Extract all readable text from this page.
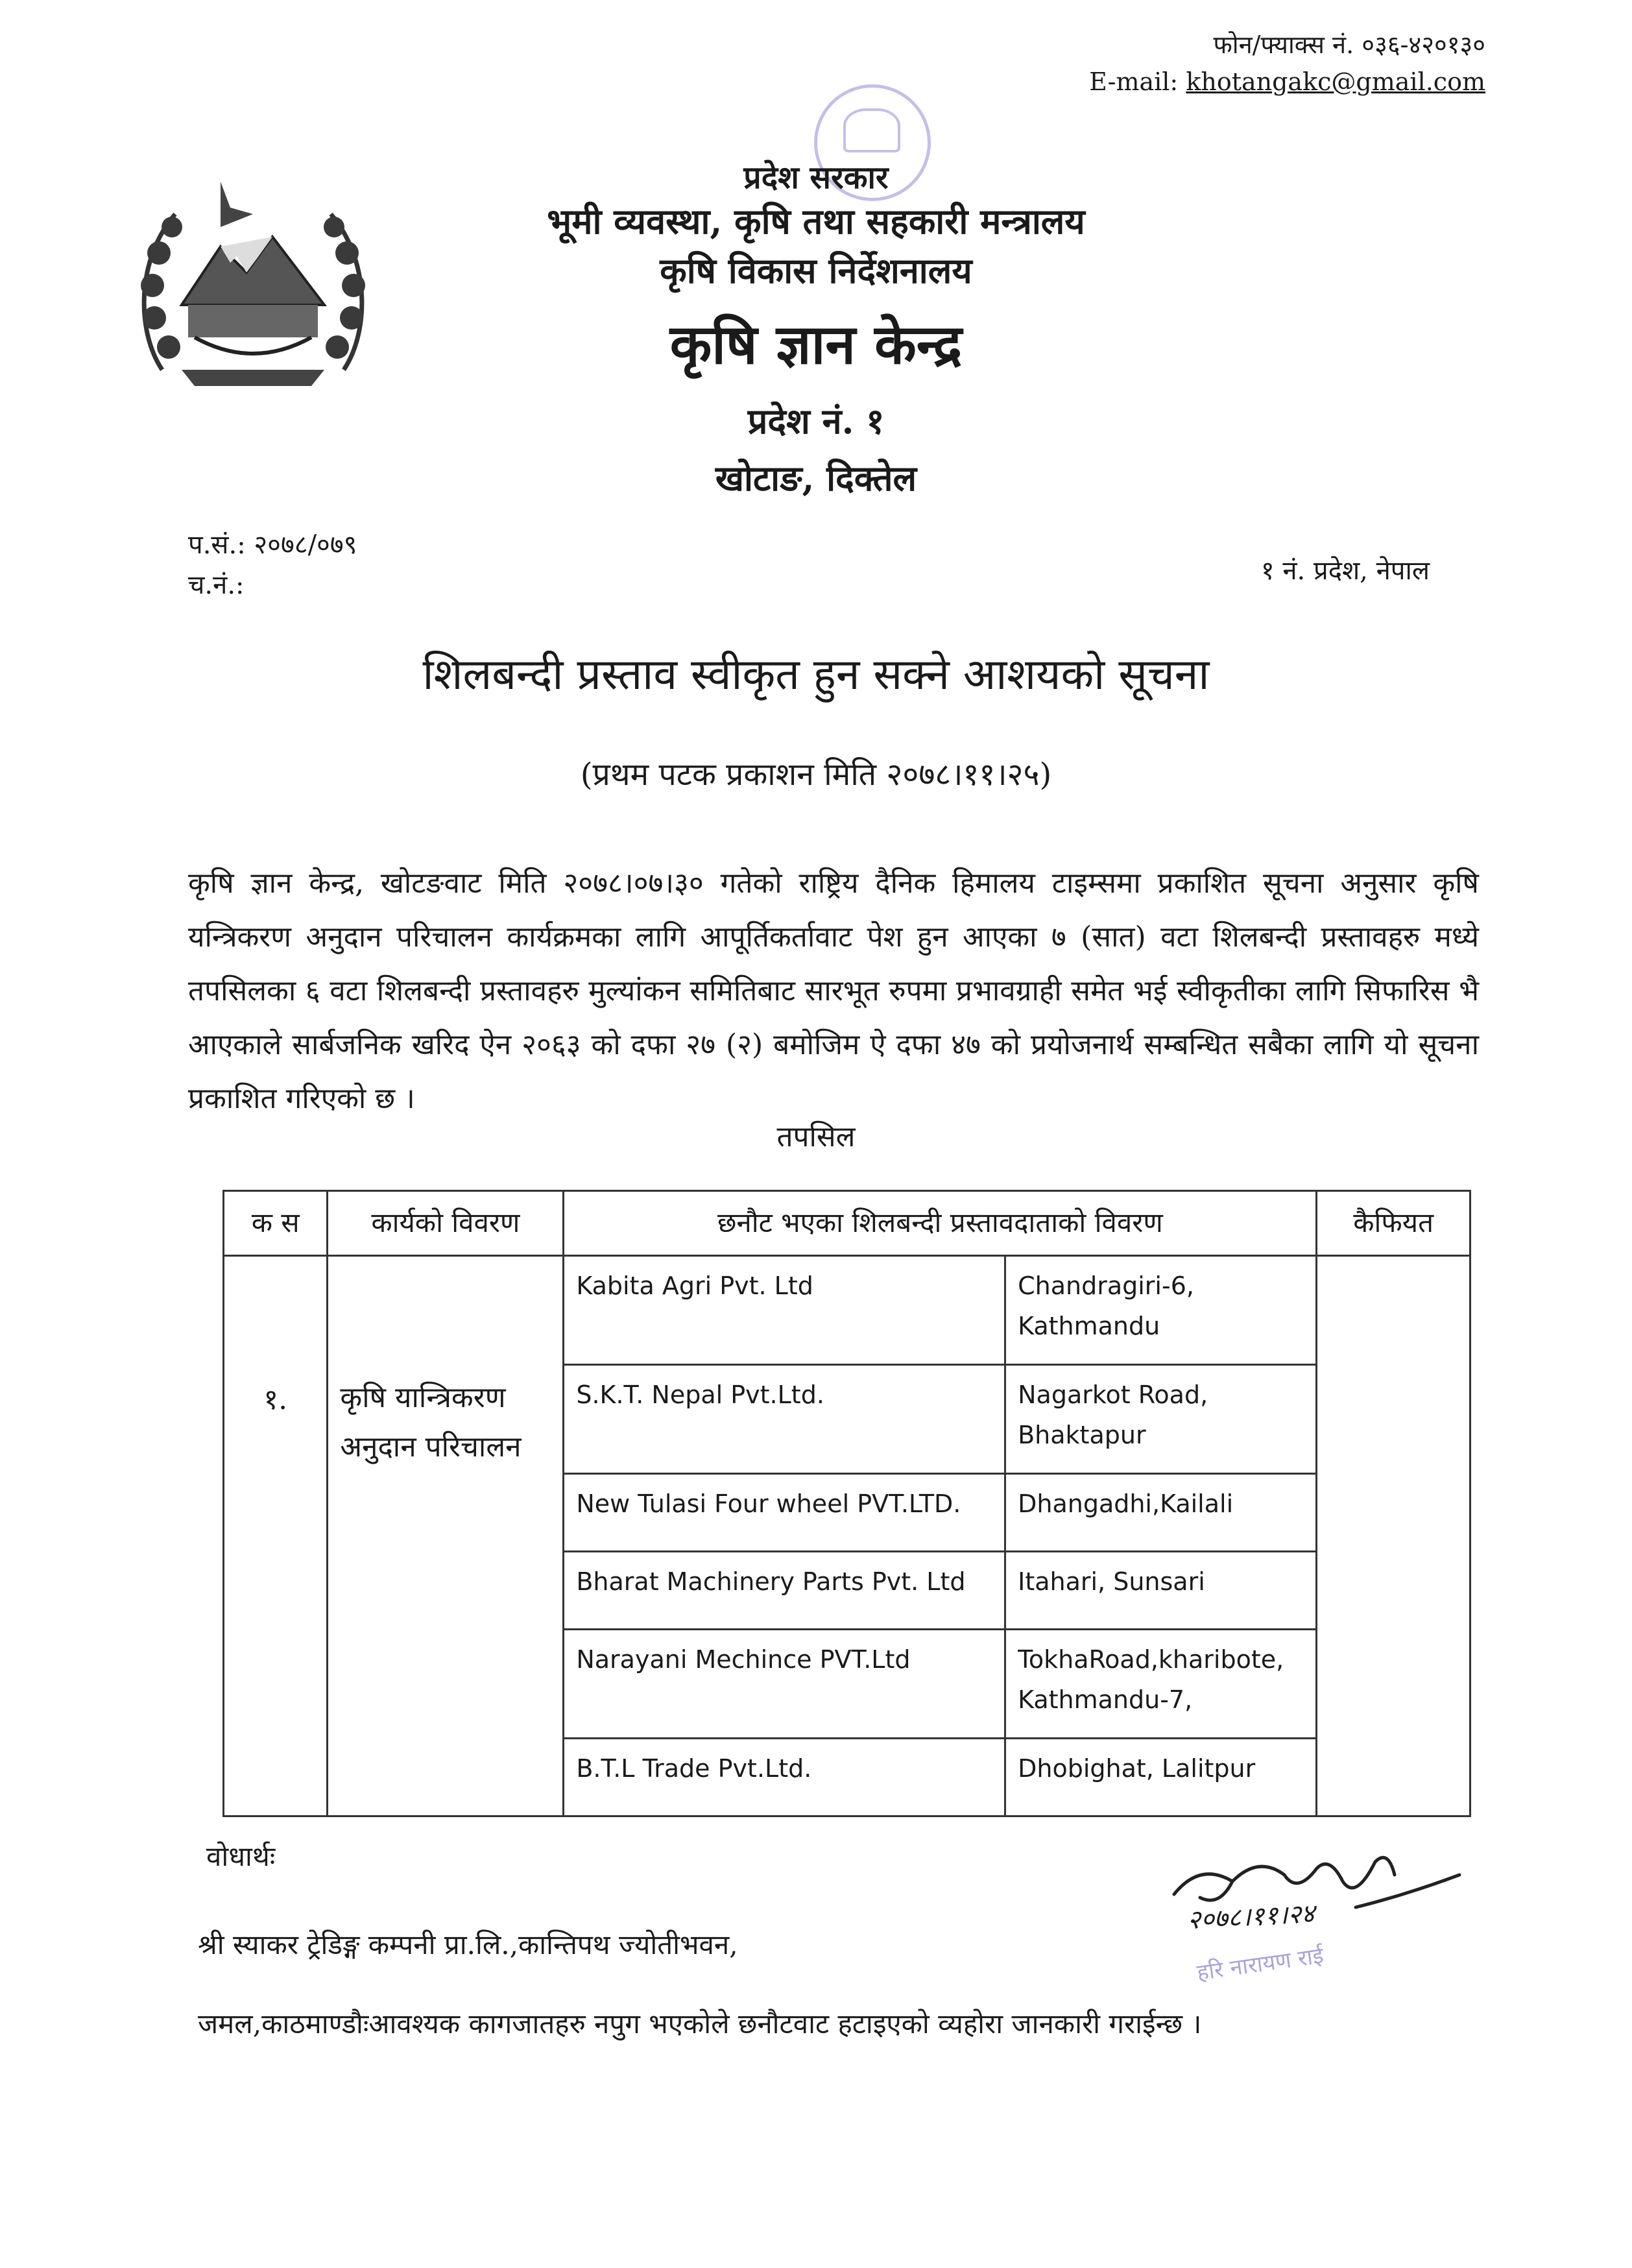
फोन/फ्याक्स नं. ०३६-४२०१३०
E-mail: khotangakc@gmail.com
प्रदेश सरकार
भूमी व्यवस्था, कृषि तथा सहकारी मन्त्रालय
कृषि विकास निर्देशनालय
कृषि ज्ञान केन्द्र
प्रदेश नं. १
खोटाङ, दिक्तेल
प.सं.: २०७८/०७९
च.नं.:	१ नं. प्रदेश, नेपाल
शिलबन्दी प्रस्ताव स्वीकृत हुन सक्ने आशयको सूचना
(प्रथम पटक प्रकाशन मिति २०७८।११।२५)
कृषि ज्ञान केन्द्र, खोटङवाट मिति २०७८।०७।३० गतेको राष्ट्रिय दैनिक हिमालय टाइम्समा प्रकाशित सूचना अनुसार कृषि यन्त्रिकरण अनुदान परिचालन कार्यक्रमका लागि आपूर्तिकर्तावाट पेश हुन आएका ७ (सात) वटा शिलबन्दी प्रस्तावहरु मध्ये तपसिलका ६ वटा शिलबन्दी प्रस्तावहरु मुल्यांकन समितिबाट सारभूत रुपमा प्रभावग्राही समेत भई स्वीकृतीका लागि सिफारिस भै आएकाले सार्बजनिक खरिद ऐन २०६३ को दफा २७ (२) बमोजिम ऐ दफा ४७ को प्रयोजनार्थ सम्बन्धित सबैका लागि यो सूचना प्रकाशित गरिएको छ ।
तपसिल
क स	कार्यको विवरण	छनौट भएका शिलबन्दी प्रस्तावदाताको विवरण		कैफियत
१.	कृषि यान्त्रिकरण अनुदान परिचालन	Kabita Agri Pvt. Ltd	Chandragiri-6, Kathmandu	
		S.K.T. Nepal Pvt.Ltd.	Nagarkot Road, Bhaktapur	
		New Tulasi Four wheel PVT.LTD.	Dhangadhi,Kailali	
		Bharat Machinery Parts Pvt. Ltd	Itahari, Sunsari	
		Narayani Mechince PVT.Ltd	TokhaRoad,kharibote, Kathmandu-7,	
		B.T.L Trade Pvt.Ltd.	Dhobighat, Lalitpur	
वोधार्थः
२०७८।११।२४
हरि नारायण राई
श्री स्याकर ट्रेडिङ्ग कम्पनी प्रा.लि.,कान्तिपथ ज्योतीभवन,
जमल,काठमाण्डौःआवश्यक कागजातहरु नपुग भएकोले छनौटवाट हटाइएको व्यहोरा जानकारी गराईन्छ ।
